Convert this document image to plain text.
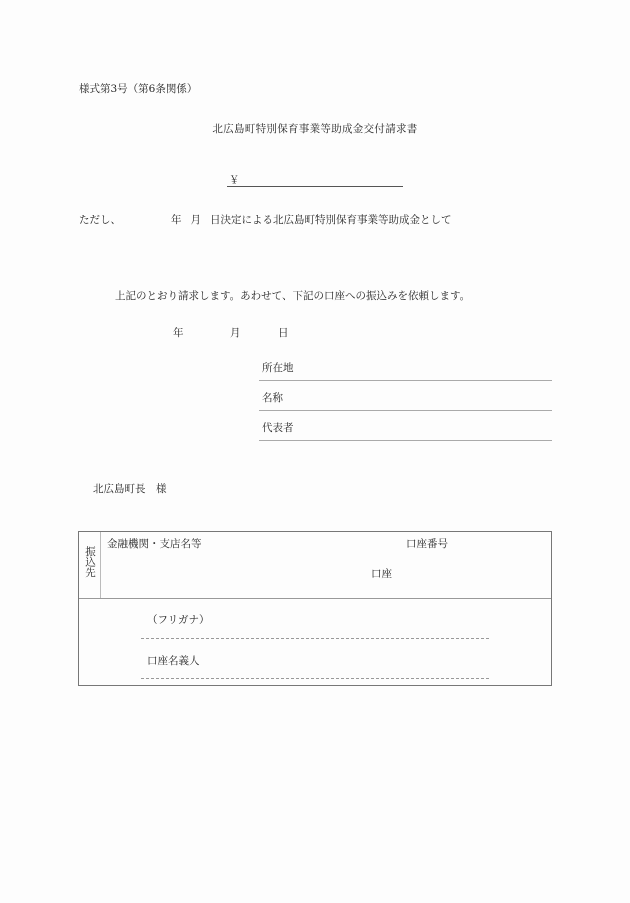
様式第3号（第6条関係）
北広島町特別保育事業等助成金交付請求書
￥
ただし、	年 月 日決定による北広島町特別保育事業等助成金として
上記のとおり請求します。あわせて、下記の口座への振込みを依頼します。
年	月	日
所在地
名称
代表者
北広島町長　様
振込先
金融機関・支店名等	口座番号
口座
（フリガナ）
口座名義人
